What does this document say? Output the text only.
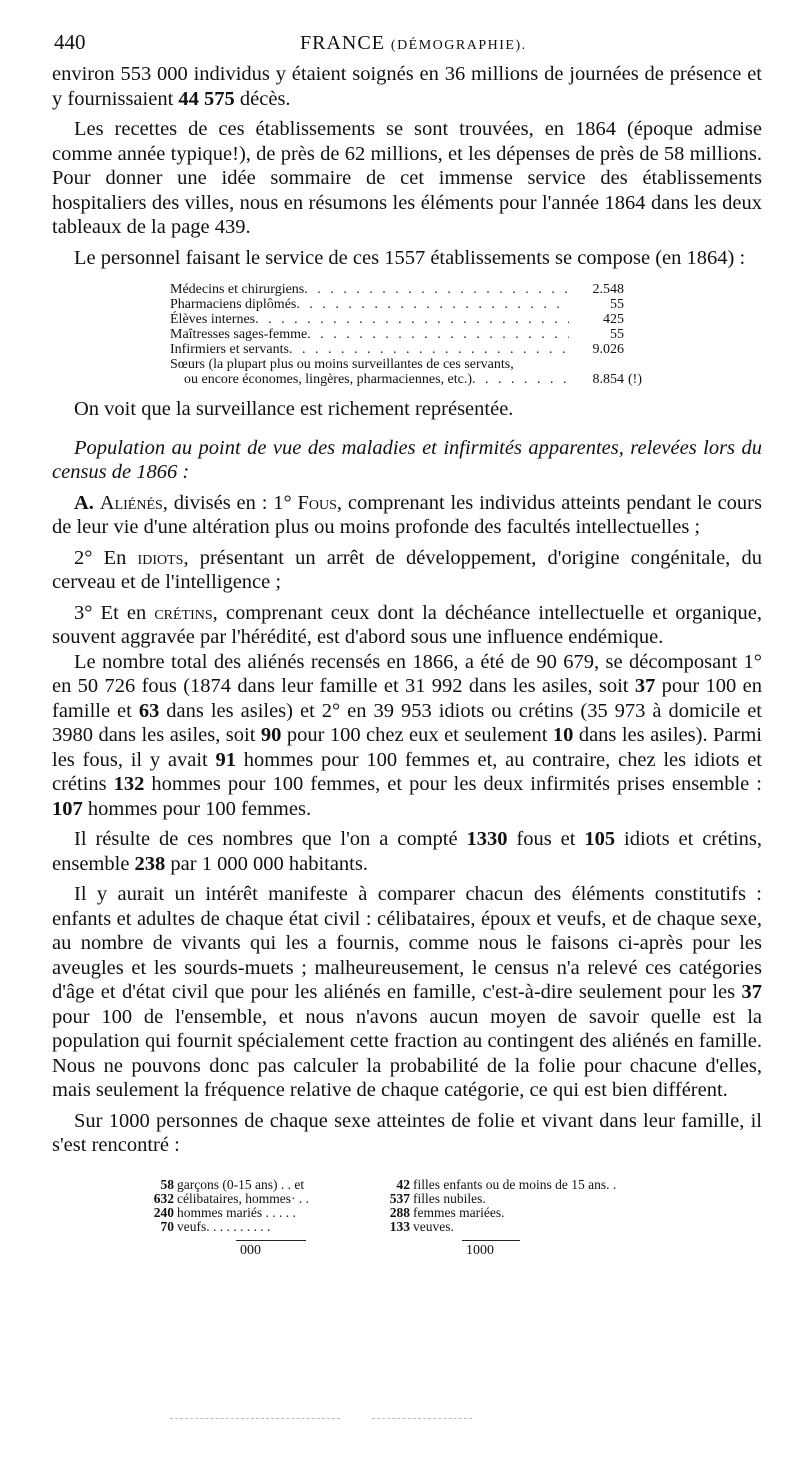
440	FRANCE (DÉMOGRAPHIE).

environ 553 000 individus y étaient soignés en 36 millions de journées de présence et y fournissaient 44 575 décès.

Les recettes de ces établissements se sont trouvées, en 1864 (époque admise comme année typique!), de près de 62 millions, et les dépenses de près de 58 millions. Pour donner une idée sommaire de cet immense service des établissements hospitaliers des villes, nous en résumons les éléments pour l'année 1864 dans les deux tableaux de la page 439.

Le personnel faisant le service de ces 1557 établissements se compose (en 1864) :

Médecins et chirurgiens . . .	2.548
Pharmaciens diplômés . . .	55
Élèves internes . . .	425
Maîtresses sages-femme . . .	55
Infirmiers et servants . . .	9.026
Sœurs (la plupart plus ou moins surveillantes de ces servants,
ou encore économes, lingères, pharmaciennes, etc.) . . .	8.854 (!)

On voit que la surveillance est richement représentée.

Population au point de vue des maladies et infirmités apparentes, relevées lors du census de 1866 :

A. Aliénés, divisés en : 1° Fous, comprenant les individus atteints pendant le cours de leur vie d'une altération plus ou moins profonde des facultés intellectuelles ;

2° En idiots, présentant un arrêt de développement, d'origine congénitale, du cerveau et de l'intelligence ;

3° Et en crétins, comprenant ceux dont la déchéance intellectuelle et organique, souvent aggravée par l'hérédité, est d'abord sous une influence endémique.

Le nombre total des aliénés recensés en 1866, a été de 90 679, se décomposant 1° en 50 726 fous (1874 dans leur famille et 31 992 dans les asiles, soit 37 pour 100 en famille et 63 dans les asiles) et 2° en 39 953 idiots ou crétins (35 973 à domicile et 3980 dans les asiles, soit 90 pour 100 chez eux et seulement 10 dans les asiles). Parmi les fous, il y avait 91 hommes pour 100 femmes et, au contraire, chez les idiots et crétins 132 hommes pour 100 femmes, et pour les deux infirmités prises ensemble : 107 hommes pour 100 femmes.

Il résulte de ces nombres que l'on a compté 1330 fous et 105 idiots et crétins, ensemble 238 par 1 000 000 habitants.

Il y aurait un intérêt manifeste à comparer chacun des éléments constitutifs : enfants et adultes de chaque état civil : célibataires, époux et veufs, et de chaque sexe, au nombre de vivants qui les a fournis, comme nous le faisons ci-après pour les aveugles et les sourds-muets ; malheureusement, le census n'a relevé ces catégories d'âge et d'état civil que pour les aliénés en famille, c'est-à-dire seulement pour les 37 pour 100 de l'ensemble, et nous n'avons aucun moyen de savoir quelle est la population qui fournit spécialement cette fraction au contingent des aliénés en famille. Nous ne pouvons donc pas calculer la probabilité de la folie pour chacune d'elles, mais seulement la fréquence relative de chaque catégorie, ce qui est bien différent.

Sur 1000 personnes de chaque sexe atteintes de folie et vivant dans leur famille, il s'est rencontré :

58	garçons (0-15 ans) . . et	42	filles enfants ou de moins de 15 ans. .
632	célibataires, hommes· . .	537	filles nubiles.
240	hommes mariés . . . . .	288	femmes mariées.
70	veufs. . . . . . . . . .	133	veuves.
000	1000
